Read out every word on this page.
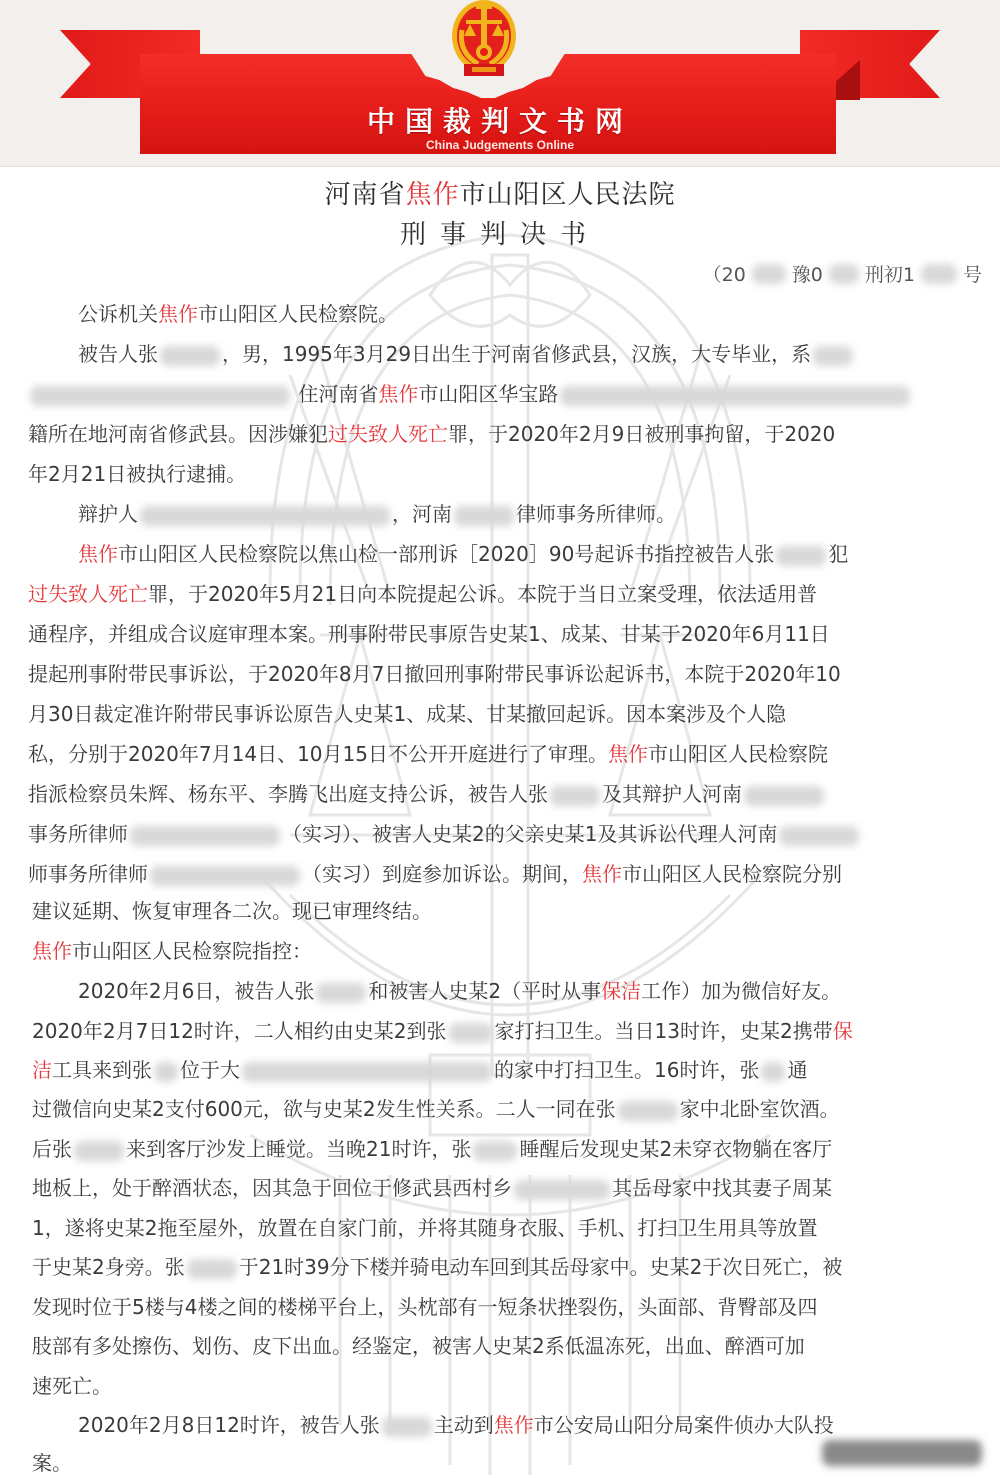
中国裁判文书网
China Judgements Online
河南省焦作市山阳区人民法院
刑事判决书
（20 豫0 刑初1	号
公诉机关焦作市山阳区人民检察院。
被告人张	，男，1995年3月29日出生于河南省修武县，汉族，大专毕业，系
住河南省焦作市山阳区华宝路
籍所在地河南省修武县。因涉嫌犯过失致人死亡罪，于2020年2月9日被刑事拘留，于2020
年2月21日被执行逮捕。
辩护人	，河南	律师事务所律师。
焦作市山阳区人民检察院以焦山检一部刑诉［2020］90号起诉书指控被告人张	犯
过失致人死亡罪，于2020年5月21日向本院提起公诉。本院于当日立案受理，依法适用普
通程序，并组成合议庭审理本案。刑事附带民事原告史某1、成某、甘某于2020年6月11日
提起刑事附带民事诉讼，于2020年8月7日撤回刑事附带民事诉讼起诉书，本院于2020年10
月30日裁定准许附带民事诉讼原告人史某1、成某、甘某撤回起诉。因本案涉及个人隐
私，分别于2020年7月14日、10月15日不公开开庭进行了审理。焦作市山阳区人民检察院
指派检察员朱辉、杨东平、李腾飞出庭支持公诉，被告人张	及其辩护人河南
事务所律师	（实习）、被害人史某2的父亲史某1及其诉讼代理人河南
师事务所律师	（实习）到庭参加诉讼。期间，焦作市山阳区人民检察院分别
建议延期、恢复审理各二次。现已审理终结。
焦作市山阳区人民检察院指控：
2020年2月6日，被告人张	和被害人史某2（平时从事保洁工作）加为微信好友。
2020年2月7日12时许，二人相约由史某2到张 家打扫卫生。当日13时许，史某2携带保
洁工具来到张 位于大	的家中打扫卫生。16时许，张 通
过微信向史某2支付600元，欲与史某2发生性关系。二人一同在张	家中北卧室饮酒。
后张	来到客厅沙发上睡觉。当晚21时许，张 睡醒后发现史某2未穿衣物躺在客厅
地板上，处于醉酒状态，因其急于回位于修武县西村乡	其岳母家中找其妻子周某
1，遂将史某2拖至屋外，放置在自家门前，并将其随身衣服、手机、打扫卫生用具等放置
于史某2身旁。张	于21时39分下楼并骑电动车回到其岳母家中。史某2于次日死亡，被
发现时位于5楼与4楼之间的楼梯平台上，头枕部有一短条状挫裂伤，头面部、背臀部及四
肢部有多处擦伤、划伤、皮下出血。经鉴定，被害人史某2系低温冻死，出血、醉酒可加
速死亡。
2020年2月8日12时许，被告人张	主动到焦作市公安局山阳分局案件侦办大队投
案。
